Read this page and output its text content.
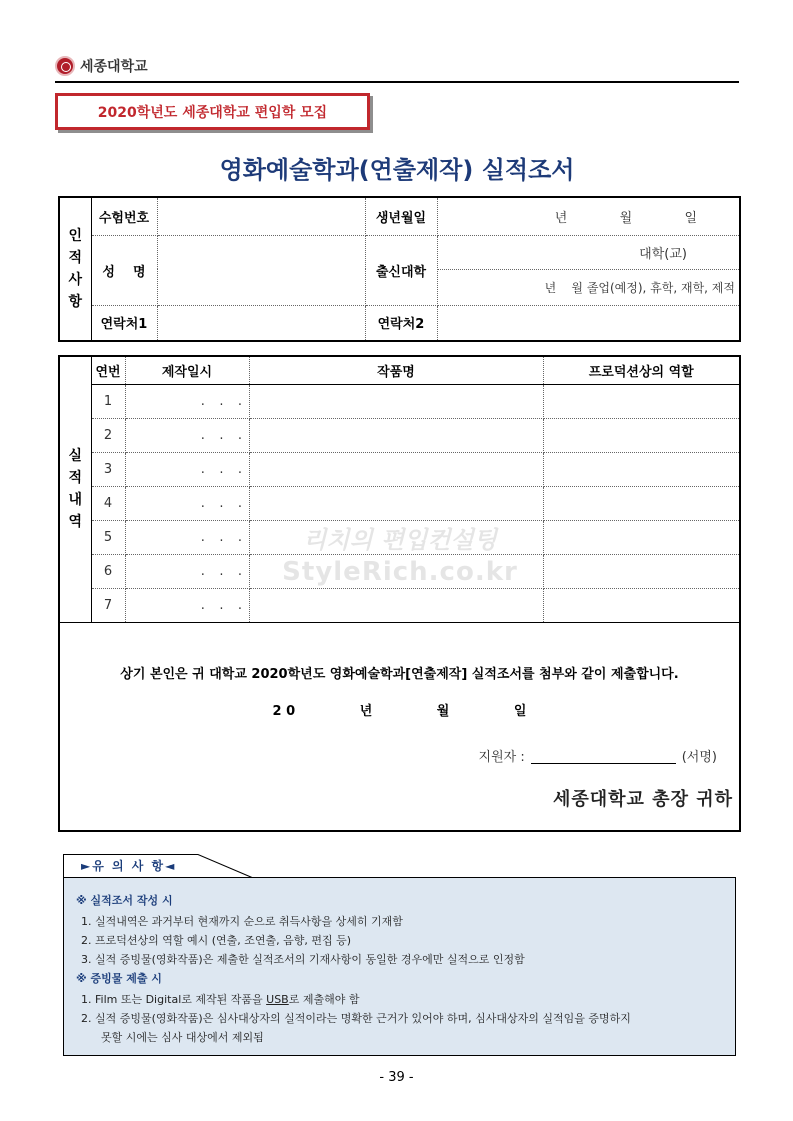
세종대학교
2020학년도 세종대학교 편입학 모집
영화예술학과(연출제작) 실적조서
인
적
사
항	수험번호		생년월일	년 월 일
	성    명		출신대학	대학(교)
				년    월 졸업(예정), 휴학, 재학, 제적
	연락처1		연락처2	
실
적
내
역	연번	제작일시	작품명	프로덕션상의 역할
	1	.   .   .		
	2	.   .   .		
	3	.   .   .		
	4	.   .   .		
	5	.   .   .		
	6	.   .   .		
	7	.   .   .		

상기 본인은 귀 대학교 2020학년도 영화예술학과[연출제작] 실적조서를 첨부와 같이 제출합니다.
2 0 년 월 일
지원자 : (서명)
세종대학교 총장 귀하				
리치의 편입컨설팅
StyleRich.co.kr
►유 의 사 항◄
※ 실적조서 작성 시
1. 실적내역은 과거부터 현재까지 순으로 취득사항을 상세히 기재함
2. 프로덕션상의 역할 예시 (연출, 조연출, 음향, 편집 등)
3. 실적 증빙물(영화작품)은 제출한 실적조서의 기재사항이 동일한 경우에만 실적으로 인정함
※ 증빙물 제출 시
1. Film 또는 Digital로 제작된 작품을 USB로 제출해야 함
2. 실적 증빙물(영화작품)은 심사대상자의 실적이라는 명확한 근거가 있어야 하며, 심사대상자의 실적임을 증명하지
못할 시에는 심사 대상에서 제외됨
- 39 -
